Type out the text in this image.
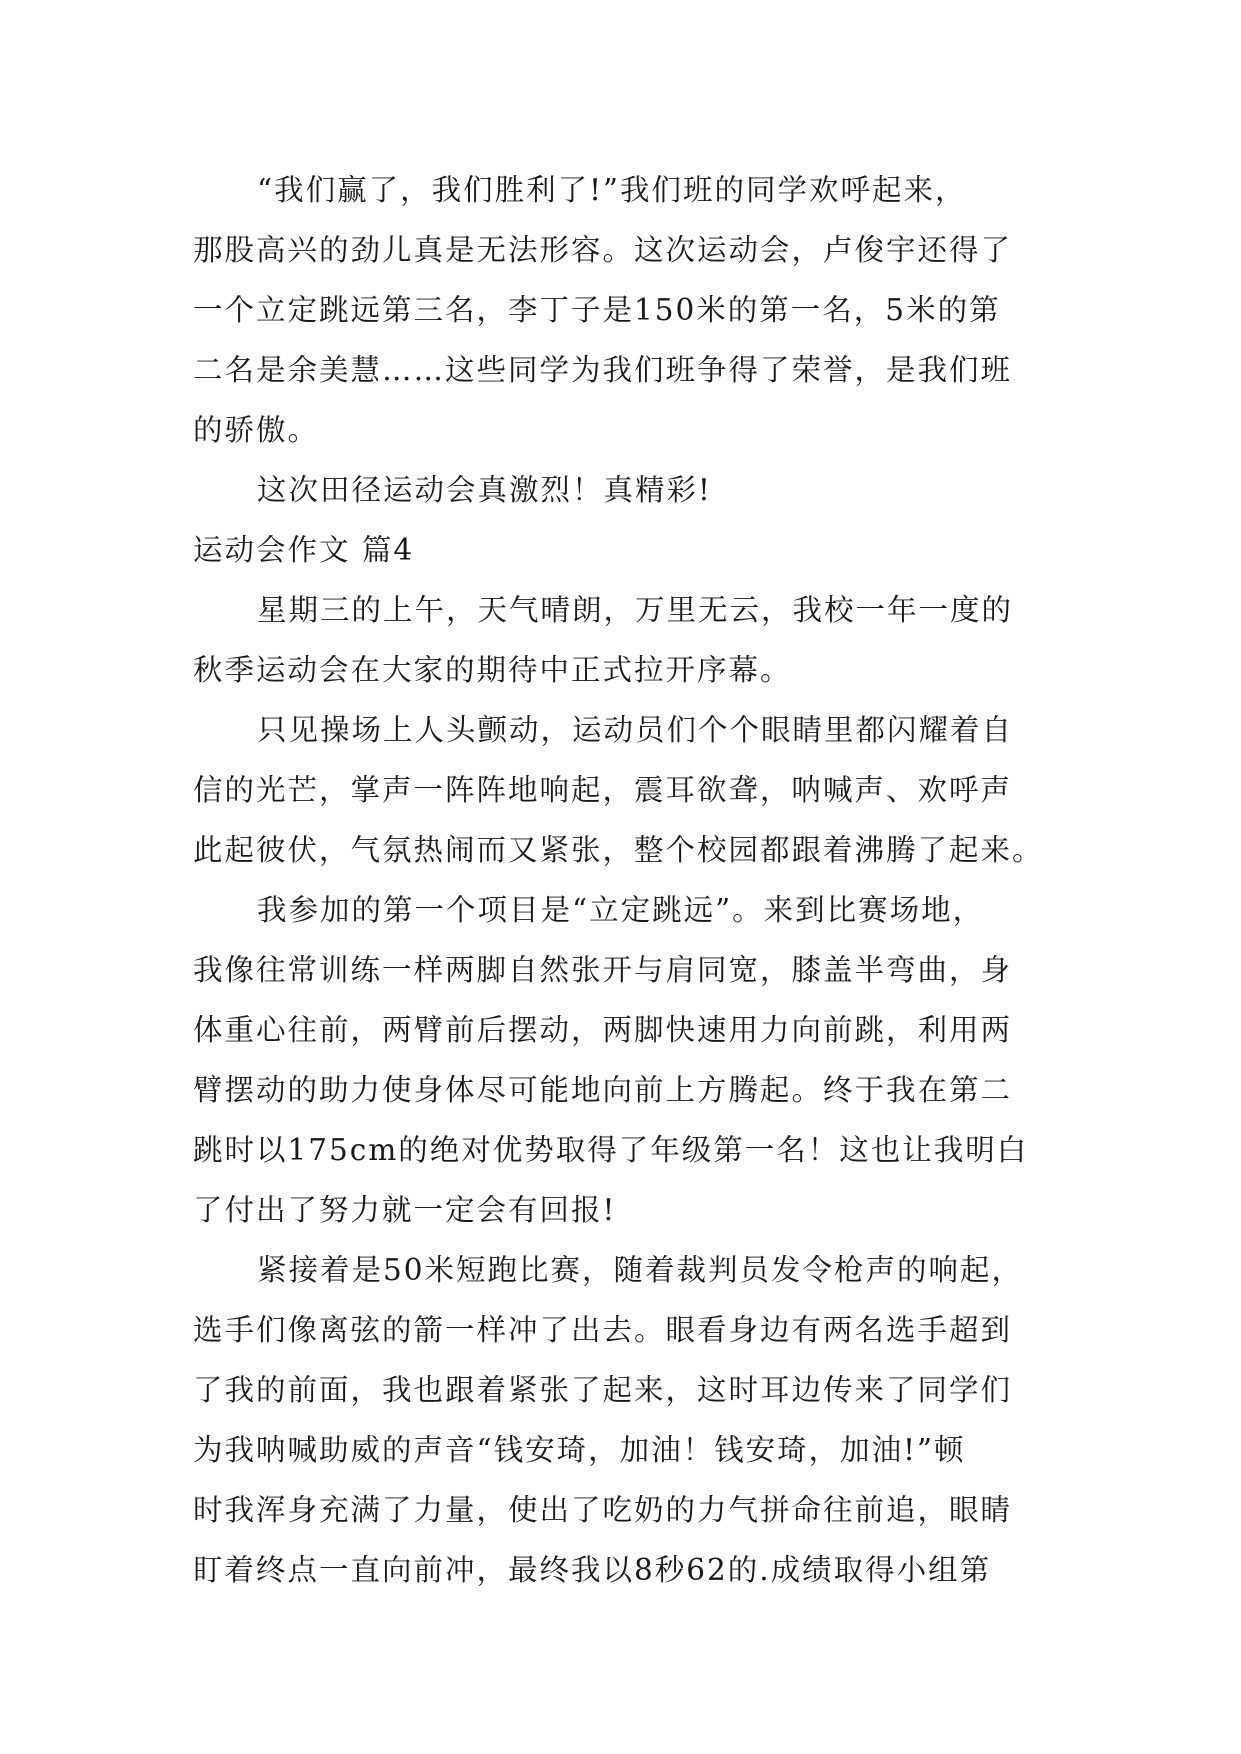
“我们赢了，我们胜利了!”我们班的同学欢呼起来，
那股高兴的劲儿真是无法形容。这次运动会，卢俊宇还得了
一个立定跳远第三名，李丁子是150米的第一名，5米的第
二名是余美慧……这些同学为我们班争得了荣誉，是我们班
的骄傲。
这次田径运动会真激烈！真精彩!
运动会作文 篇4
星期三的上午，天气晴朗，万里无云，我校一年一度的
秋季运动会在大家的期待中正式拉开序幕。
只见操场上人头颤动，运动员们个个眼睛里都闪耀着自
信的光芒，掌声一阵阵地响起，震耳欲聋，呐喊声、欢呼声
此起彼伏，气氛热闹而又紧张，整个校园都跟着沸腾了起来。
我参加的第一个项目是“立定跳远”。来到比赛场地，
我像往常训练一样两脚自然张开与肩同宽，膝盖半弯曲，身
体重心往前，两臂前后摆动，两脚快速用力向前跳，利用两
臂摆动的助力使身体尽可能地向前上方腾起。终于我在第二
跳时以175cm的绝对优势取得了年级第一名！这也让我明白
了付出了努力就一定会有回报!
紧接着是50米短跑比赛，随着裁判员发令枪声的响起，
选手们像离弦的箭一样冲了出去。眼看身边有两名选手超到
了我的前面，我也跟着紧张了起来，这时耳边传来了同学们
为我呐喊助威的声音“钱安琦，加油！钱安琦，加油!”顿
时我浑身充满了力量，使出了吃奶的力气拼命往前追，眼睛
盯着终点一直向前冲，最终我以8秒62的.成绩取得小组第
